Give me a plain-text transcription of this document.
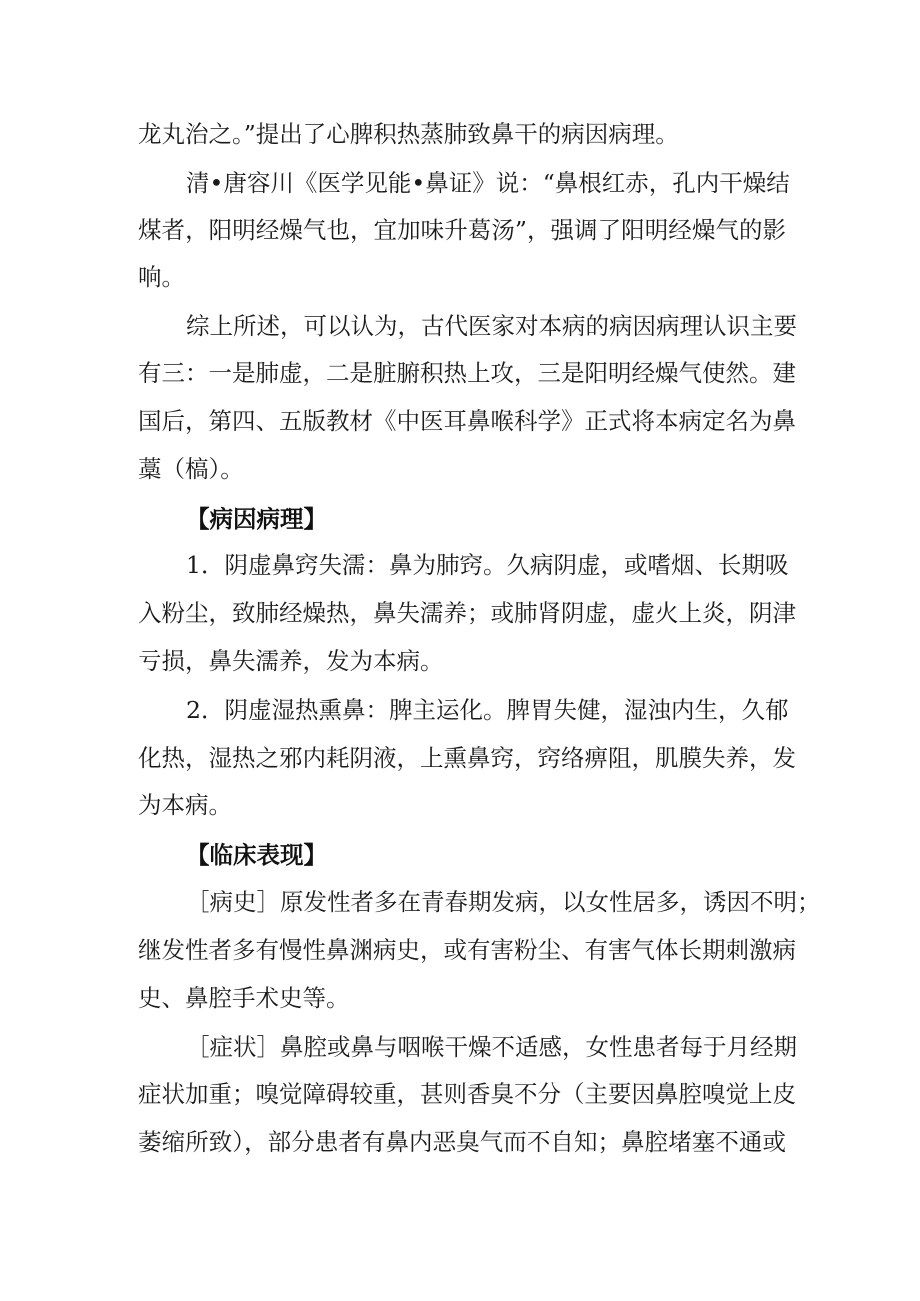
龙丸治之。”提出了心脾积热蒸肺致鼻干的病因病理。
清•唐容川《医学见能•鼻证》说：“鼻根红赤，孔内干燥结
煤者，阳明经燥气也，宜加味升葛汤”，强调了阳明经燥气的影
响。
综上所述，可以认为，古代医家对本病的病因病理认识主要
有三：一是肺虚，二是脏腑积热上攻，三是阳明经燥气使然。建
国后，第四、五版教材《中医耳鼻喉科学》正式将本病定名为鼻
藁（槁）。
【病因病理】
1．阴虚鼻窍失濡：鼻为肺窍。久病阴虚，或嗜烟、长期吸
入粉尘，致肺经燥热，鼻失濡养；或肺肾阴虚，虚火上炎，阴津
亏损，鼻失濡养，发为本病。
2．阴虚湿热熏鼻：脾主运化。脾胃失健，湿浊内生，久郁
化热，湿热之邪内耗阴液，上熏鼻窍，窍络痹阻，肌膜失养，发
为本病。
【临床表现】
［病史］原发性者多在青春期发病，以女性居多，诱因不明；
继发性者多有慢性鼻渊病史，或有害粉尘、有害气体长期刺激病
史、鼻腔手术史等。
［症状］鼻腔或鼻与咽喉干燥不适感，女性患者每于月经期
症状加重；嗅觉障碍较重，甚则香臭不分（主要因鼻腔嗅觉上皮
萎缩所致），部分患者有鼻内恶臭气而不自知；鼻腔堵塞不通或
